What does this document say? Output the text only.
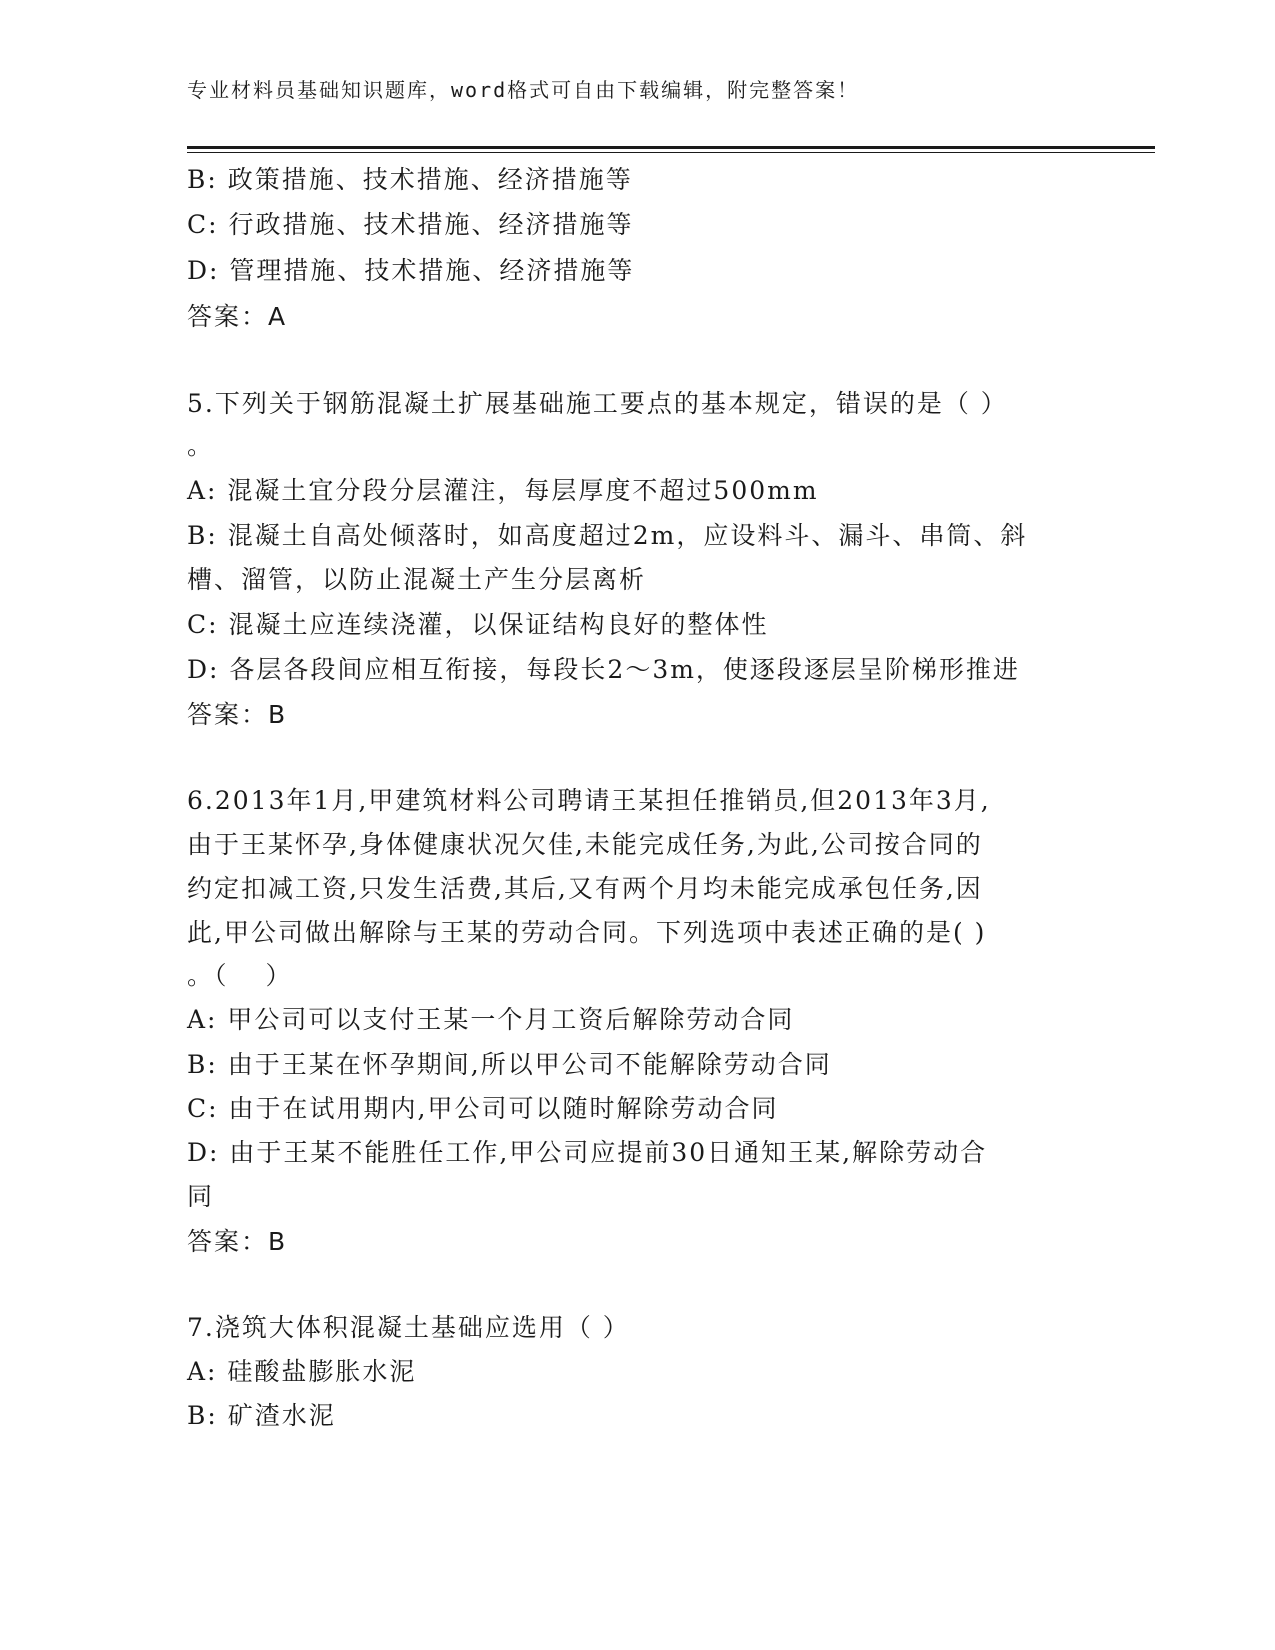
专业材料员基础知识题库，word格式可自由下载编辑，附完整答案！
B: 政策措施、技术措施、经济措施等
C: 行政措施、技术措施、经济措施等
D: 管理措施、技术措施、经济措施等
答案：A
5.下列关于钢筋混凝土扩展基础施工要点的基本规定，错误的是（ ）
。
A: 混凝土宜分段分层灌注，每层厚度不超过500mm
B: 混凝土自高处倾落时，如高度超过2m，应设料斗、漏斗、串筒、斜
槽、溜管，以防止混凝土产生分层离析
C: 混凝土应连续浇灌，以保证结构良好的整体性
D: 各层各段间应相互衔接，每段长2～3m，使逐段逐层呈阶梯形推进
答案：B
6.2013年1月,甲建筑材料公司聘请王某担任推销员,但2013年3月,
由于王某怀孕,身体健康状况欠佳,未能完成任务,为此,公司按合同的
约定扣减工资,只发生活费,其后,又有两个月均未能完成承包任务,因
此,甲公司做出解除与王某的劳动合同。下列选项中表述正确的是( )
。（　 ）
A: 甲公司可以支付王某一个月工资后解除劳动合同
B: 由于王某在怀孕期间,所以甲公司不能解除劳动合同
C: 由于在试用期内,甲公司可以随时解除劳动合同
D: 由于王某不能胜任工作,甲公司应提前30日通知王某,解除劳动合
同
答案：B
7.浇筑大体积混凝土基础应选用（ ）
A: 硅酸盐膨胀水泥
B: 矿渣水泥
